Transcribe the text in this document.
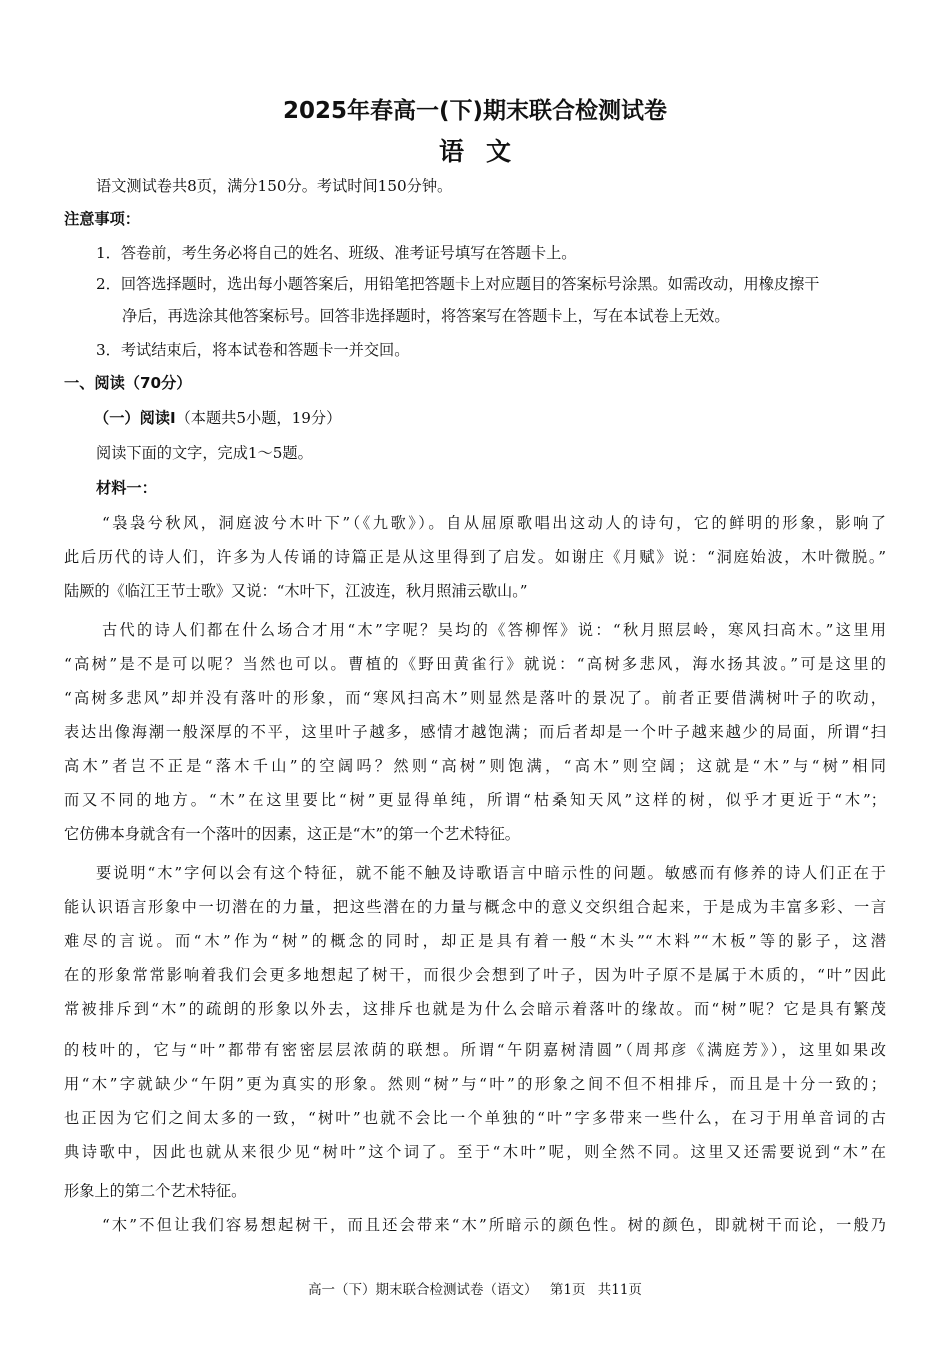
2025年春高一(下)期末联合检测试卷
语文
语文测试卷共8页，满分150分。考试时间150分钟。
注意事项：
1．答卷前，考生务必将自己的姓名、班级、准考证号填写在答题卡上。
2．回答选择题时，选出每小题答案后，用铅笔把答题卡上对应题目的答案标号涂黑。如需改动，用橡皮擦干
净后，再选涂其他答案标号。回答非选择题时，将答案写在答题卡上，写在本试卷上无效。
3．考试结束后，将本试卷和答题卡一并交回。
一、阅读（70分）
（一）阅读Ⅰ（本题共5小题，19分）
阅读下面的文字，完成1～5题。
材料一：
“袅袅兮秋风，洞庭波兮木叶下”（《九歌》）。自从屈原歌唱出这动人的诗句，它的鲜明的形象，影响了
此后历代的诗人们，许多为人传诵的诗篇正是从这里得到了启发。如谢庄《月赋》说：“洞庭始波，木叶微脱。”
陆厥的《临江王节士歌》又说：“木叶下，江波连，秋月照浦云歇山。”
古代的诗人们都在什么场合才用“木”字呢？吴均的《答柳恽》说：“秋月照层岭，寒风扫高木。”这里用
“高树”是不是可以呢？当然也可以。曹植的《野田黄雀行》就说：“高树多悲风，海水扬其波。”可是这里的
“高树多悲风”却并没有落叶的形象，而“寒风扫高木”则显然是落叶的景况了。前者正要借满树叶子的吹动，
表达出像海潮一般深厚的不平，这里叶子越多，感情才越饱满；而后者却是一个叶子越来越少的局面，所谓“扫
高木”者岂不正是“落木千山”的空阔吗？然则“高树”则饱满，“高木”则空阔；这就是“木”与“树”相同
而又不同的地方。“木”在这里要比“树”更显得单纯，所谓“枯桑知天风”这样的树，似乎才更近于“木”；
它仿佛本身就含有一个落叶的因素，这正是“木”的第一个艺术特征。
要说明“木”字何以会有这个特征，就不能不触及诗歌语言中暗示性的问题。敏感而有修养的诗人们正在于
能认识语言形象中一切潜在的力量，把这些潜在的力量与概念中的意义交织组合起来，于是成为丰富多彩、一言
难尽的言说。而“木”作为“树”的概念的同时，却正是具有着一般“木头”“木料”“木板”等的影子，这潜
在的形象常常影响着我们会更多地想起了树干，而很少会想到了叶子，因为叶子原不是属于木质的，“叶”因此
常被排斥到“木”的疏朗的形象以外去，这排斥也就是为什么会暗示着落叶的缘故。而“树”呢？它是具有繁茂
的枝叶的，它与“叶”都带有密密层层浓荫的联想。所谓“午阴嘉树清圆”（周邦彦《满庭芳》），这里如果改
用“木”字就缺少“午阴”更为真实的形象。然则“树”与“叶”的形象之间不但不相排斥，而且是十分一致的；
也正因为它们之间太多的一致，“树叶”也就不会比一个单独的“叶”字多带来一些什么，在习于用单音词的古
典诗歌中，因此也就从来很少见“树叶”这个词了。至于“木叶”呢，则全然不同。这里又还需要说到“木”在
形象上的第二个艺术特征。
“木”不但让我们容易想起树干，而且还会带来“木”所暗示的颜色性。树的颜色，即就树干而论，一般乃
高一（下）期末联合检测试卷（语文） 第1页 共11页
